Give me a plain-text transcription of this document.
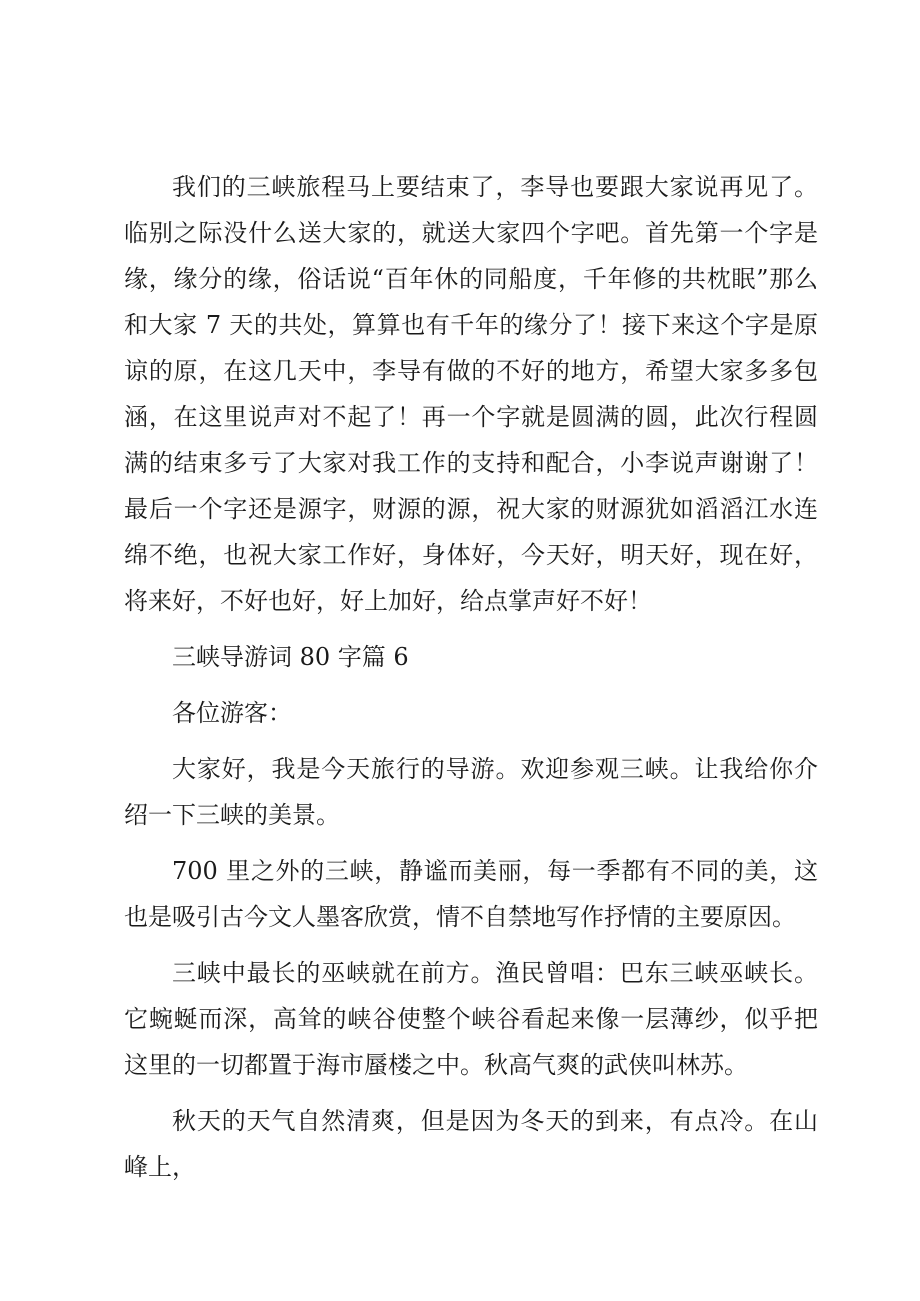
我们的三峡旅程马上要结束了，李导也要跟大家说再见了。临别之际没什么送大家的，就送大家四个字吧。首先第一个字是缘，缘分的缘，俗话说“百年休的同船度，千年修的共枕眠”那么和大家 7 天的共处，算算也有千年的缘分了！接下来这个字是原谅的原，在这几天中，李导有做的不好的地方，希望大家多多包涵，在这里说声对不起了！再一个字就是圆满的圆，此次行程圆满的结束多亏了大家对我工作的支持和配合，小李说声谢谢了！最后一个字还是源字，财源的源，祝大家的财源犹如滔滔江水连绵不绝，也祝大家工作好，身体好，今天好，明天好，现在好，将来好，不好也好，好上加好，给点掌声好不好！

三峡导游词 80 字篇 6

各位游客：

大家好，我是今天旅行的导游。欢迎参观三峡。让我给你介绍一下三峡的美景。

700 里之外的三峡，静谧而美丽，每一季都有不同的美，这也是吸引古今文人墨客欣赏，情不自禁地写作抒情的主要原因。

三峡中最长的巫峡就在前方。渔民曾唱：巴东三峡巫峡长。它蜿蜒而深，高耸的峡谷使整个峡谷看起来像一层薄纱，似乎把这里的一切都置于海市蜃楼之中。秋高气爽的武侠叫林苏。

秋天的天气自然清爽，但是因为冬天的到来，有点冷。在山峰上，
